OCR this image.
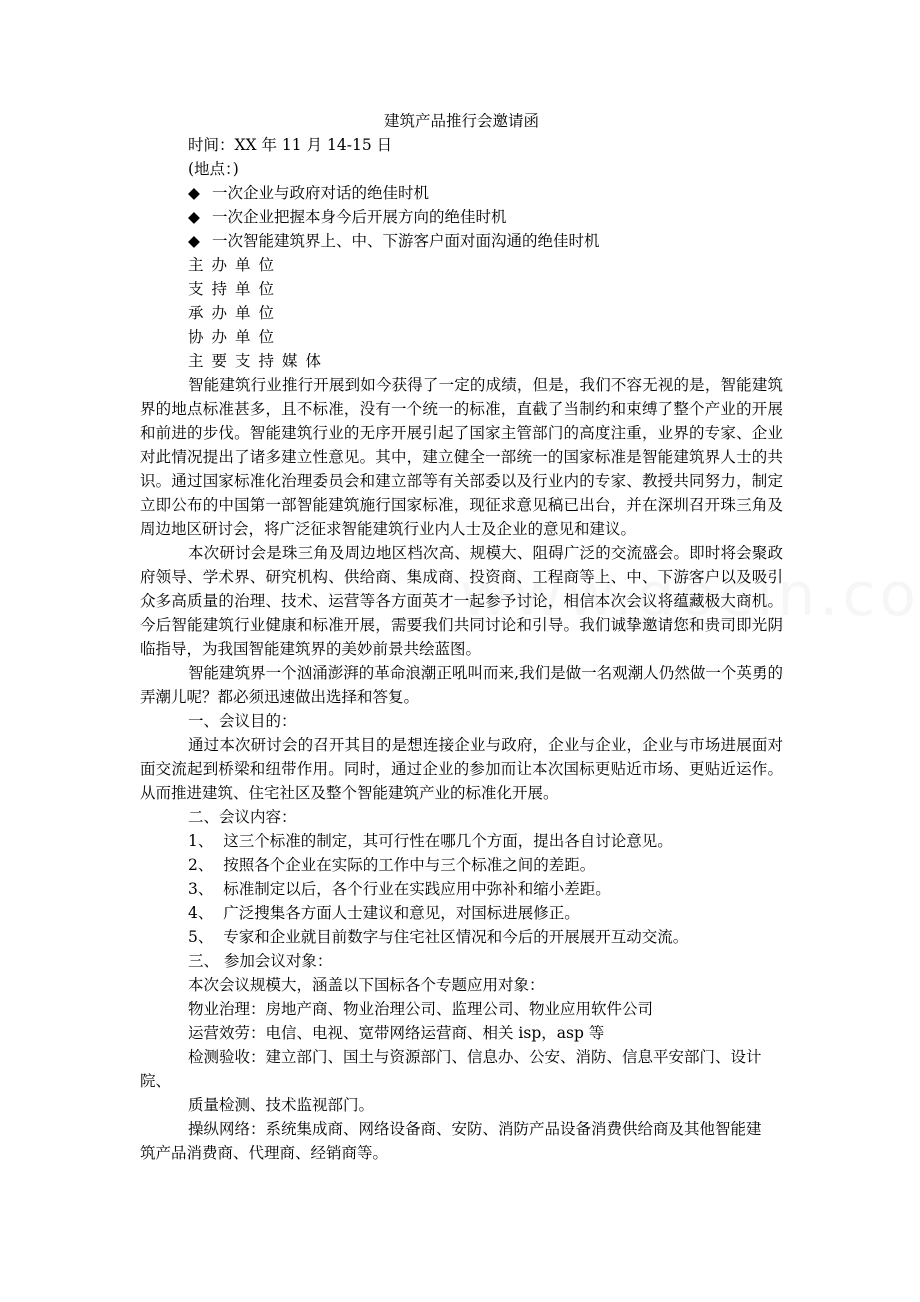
建筑产品推行会邀请函
时间：XX 年 11 月 14-15 日
(地点：)
◆ 一次企业与政府对话的绝佳时机
◆ 一次企业把握本身今后开展方向的绝佳时机
◆ 一次智能建筑界上、中、下游客户面对面沟通的绝佳时机
主办单位
支持单位
承办单位
协办单位
主要支持媒体
智能建筑行业推行开展到如今获得了一定的成绩，但是，我们不容无视的是，智能建筑界的地点标准甚多，且不标准，没有一个统一的标准，直截了当制约和束缚了整个产业的开展和前进的步伐。智能建筑行业的无序开展引起了国家主管部门的高度注重，业界的专家、企业对此情况提出了诸多建立性意见。其中，建立健全一部统一的国家标准是智能建筑界人士的共识。通过国家标准化治理委员会和建立部等有关部委以及行业内的专家、教授共同努力，制定立即公布的中国第一部智能建筑施行国家标准，现征求意见稿已出台，并在深圳召开珠三角及周边地区研讨会，将广泛征求智能建筑行业内人士及企业的意见和建议。
本次研讨会是珠三角及周边地区档次高、规模大、阻碍广泛的交流盛会。即时将会聚政府领导、学术界、研究机构、供给商、集成商、投资商、工程商等上、中、下游客户以及吸引众多高质量的治理、技术、运营等各方面英才一起参予讨论，相信本次会议将蕴藏极大商机。今后智能建筑行业健康和标准开展，需要我们共同讨论和引导。我们诚挚邀请您和贵司即光阴临指导，为我国智能建筑界的美妙前景共绘蓝图。
智能建筑界一个汹涌澎湃的革命浪潮正吼叫而来,我们是做一名观潮人仍然做一个英勇的弄潮儿呢？都必须迅速做出选择和答复。
一、会议目的：
通过本次研讨会的召开其目的是想连接企业与政府，企业与企业，企业与市场进展面对面交流起到桥梁和纽带作用。同时，通过企业的参加而让本次国标更贴近市场、更贴近运作。从而推进建筑、住宅社区及整个智能建筑产业的标准化开展。
二、会议内容：
1、 这三个标准的制定，其可行性在哪几个方面，提出各自讨论意见。
2、 按照各个企业在实际的工作中与三个标准之间的差距。
3、 标准制定以后，各个行业在实践应用中弥补和缩小差距。
4、 广泛搜集各方面人士建议和意见，对国标进展修正。
5、 专家和企业就目前数字与住宅社区情况和今后的开展展开互动交流。
三、 参加会议对象：
本次会议规模大，涵盖以下国标各个专题应用对象：
物业治理：房地产商、物业治理公司、监理公司、物业应用软件公司
运营效劳：电信、电视、宽带网络运营商、相关 isp，asp 等
检测验收：建立部门、国土与资源部门、信息办、公安、消防、信息平安部门、设计
院、
质量检测、技术监视部门。
操纵网络：系统集成商、网络设备商、安防、消防产品设备消费供给商及其他智能建
筑产品消费商、代理商、经销商等。
